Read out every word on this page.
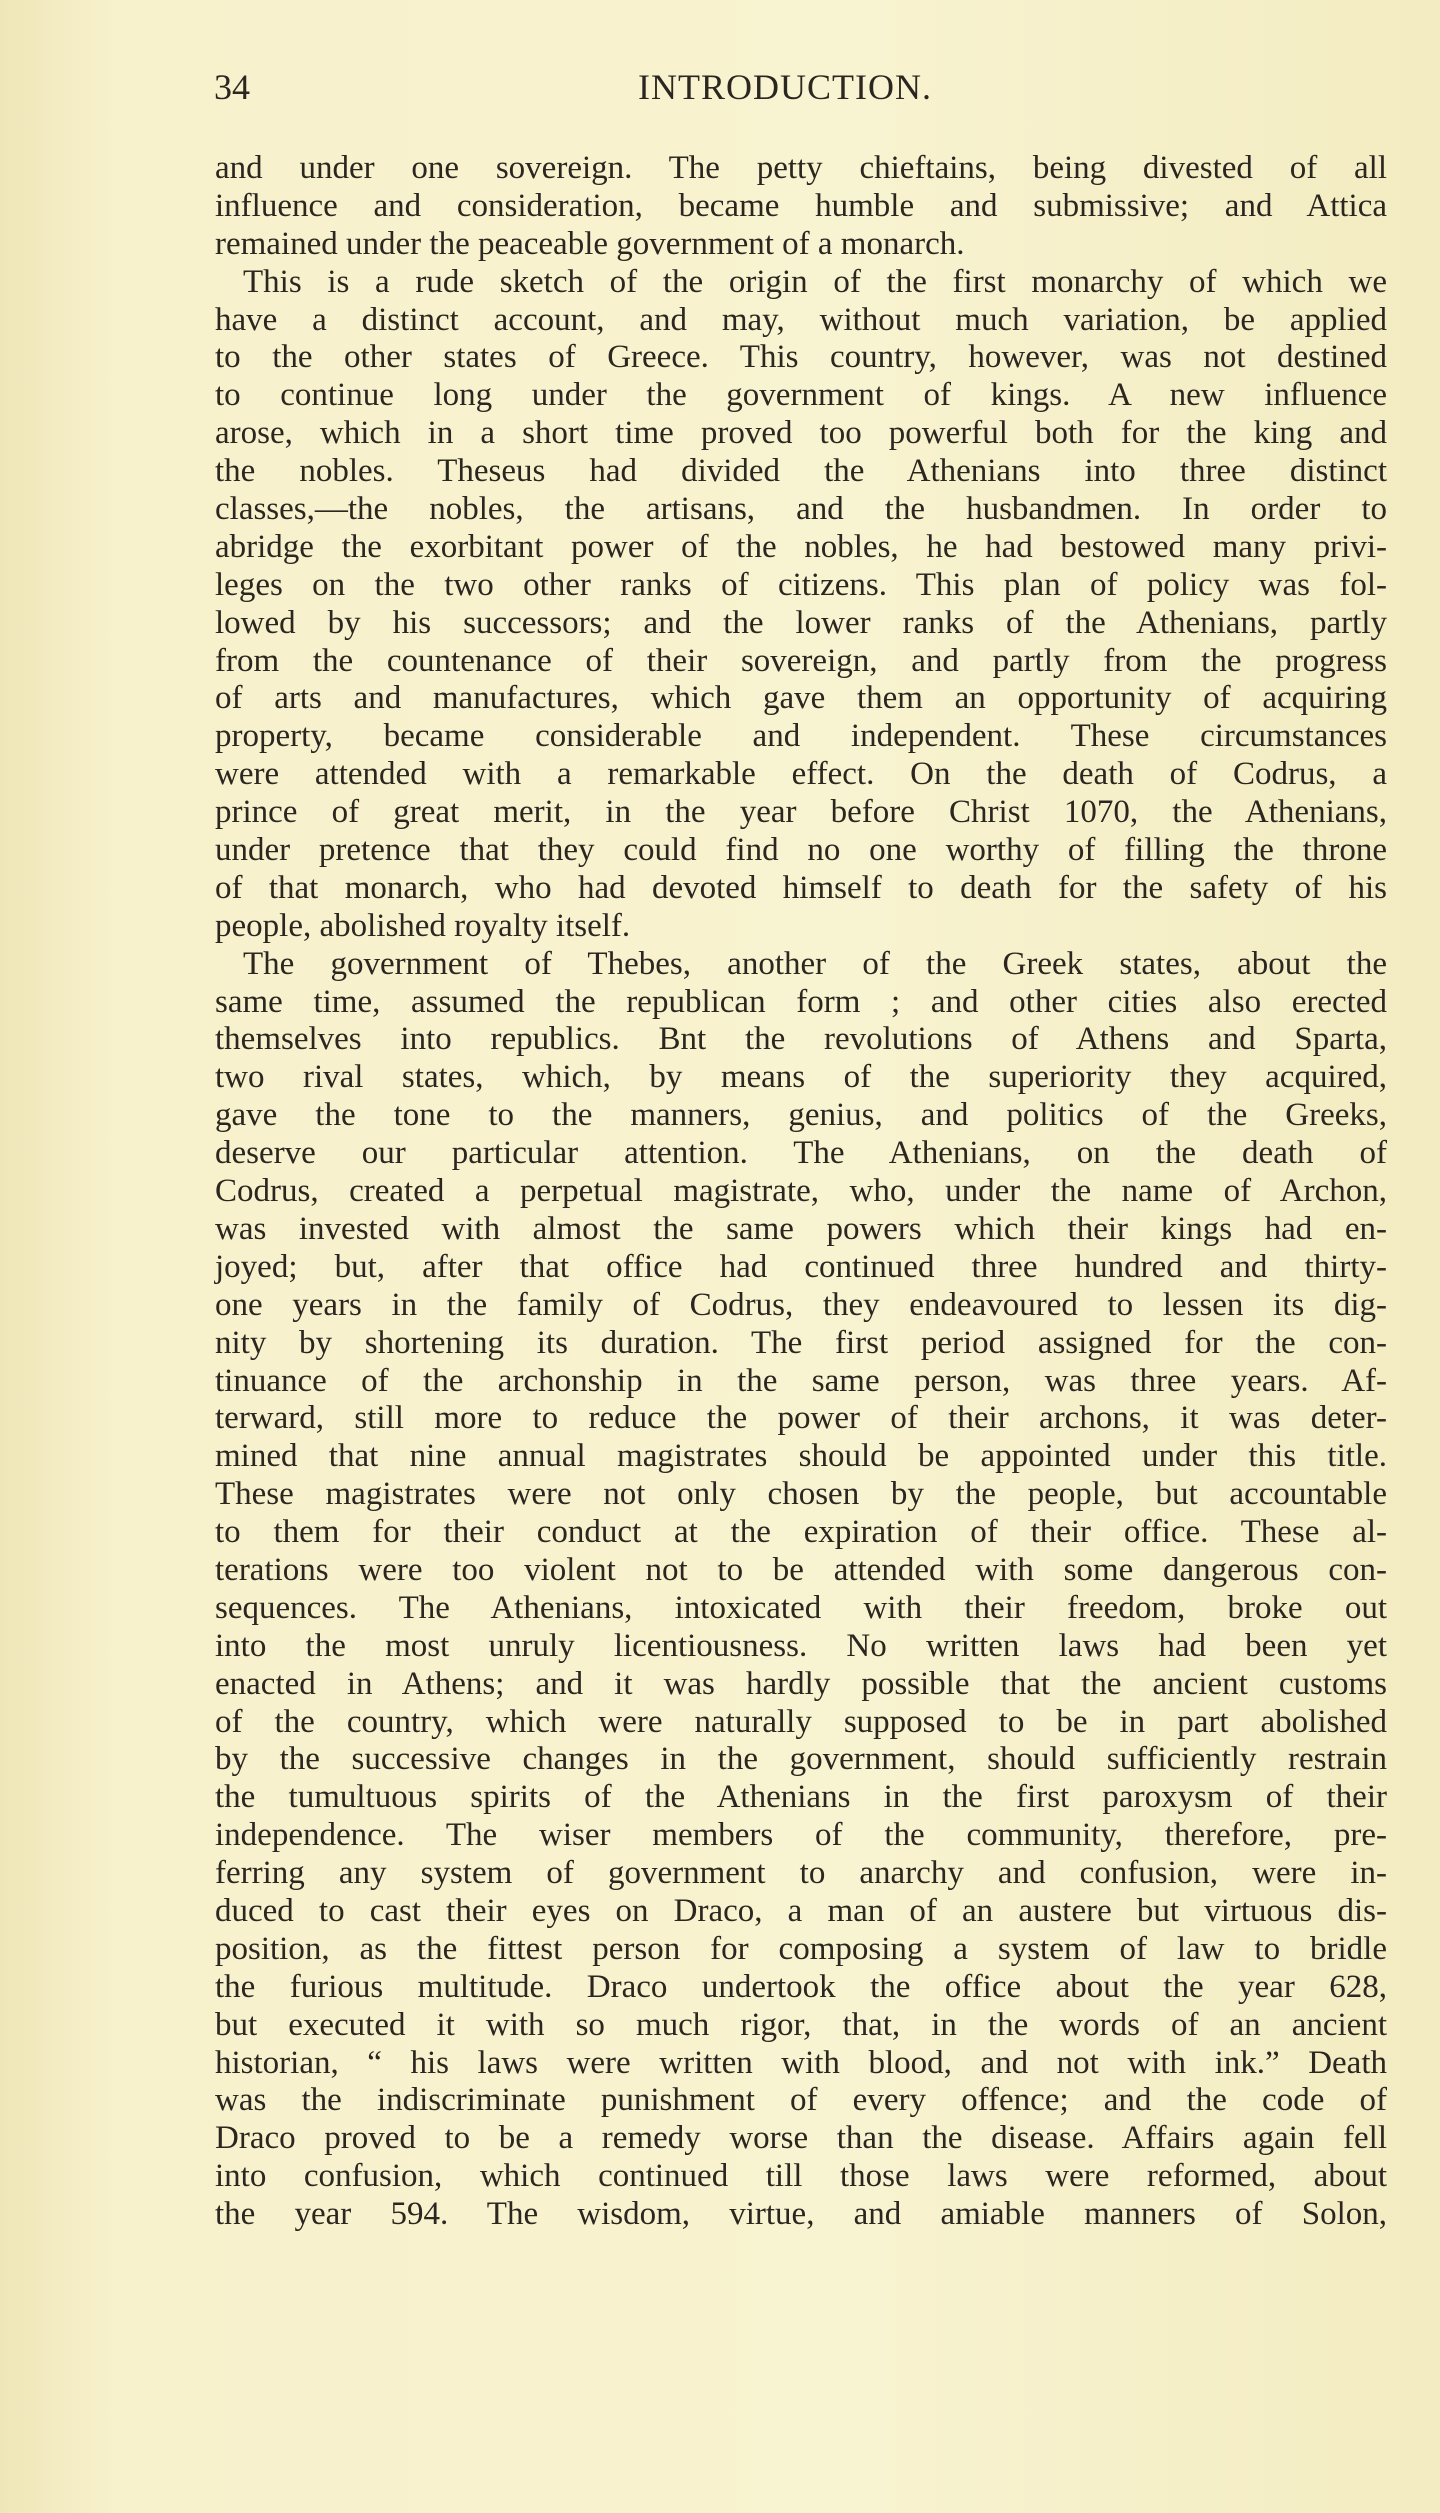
34	INTRODUCTION.
and under one sovereign. The petty chieftains, being divested of all
influence and consideration, became humble and submissive; and Attica
remained under the peaceable government of a monarch.
This is a rude sketch of the origin of the first monarchy of which we
have a distinct account, and may, without much variation, be applied
to the other states of Greece. This country, however, was not destined
to continue long under the government of kings. A new influence
arose, which in a short time proved too powerful both for the king and
the nobles. Theseus had divided the Athenians into three distinct
classes,—the nobles, the artisans, and the husbandmen. In order to
abridge the exorbitant power of the nobles, he had bestowed many privi-
leges on the two other ranks of citizens. This plan of policy was fol-
lowed by his successors; and the lower ranks of the Athenians, partly
from the countenance of their sovereign, and partly from the progress
of arts and manufactures, which gave them an opportunity of acquiring
property, became considerable and independent. These circumstances
were attended with a remarkable effect. On the death of Codrus, a
prince of great merit, in the year before Christ 1070, the Athenians,
under pretence that they could find no one worthy of filling the throne
of that monarch, who had devoted himself to death for the safety of his
people, abolished royalty itself.
The government of Thebes, another of the Greek states, about the
same time, assumed the republican form ; and other cities also erected
themselves into republics. Bnt the revolutions of Athens and Sparta,
two rival states, which, by means of the superiority they acquired,
gave the tone to the manners, genius, and politics of the Greeks,
deserve our particular attention. The Athenians, on the death of
Codrus, created a perpetual magistrate, who, under the name of Archon,
was invested with almost the same powers which their kings had en-
joyed; but, after that office had continued three hundred and thirty-
one years in the family of Codrus, they endeavoured to lessen its dig-
nity by shortening its duration. The first period assigned for the con-
tinuance of the archonship in the same person, was three years. Af-
terward, still more to reduce the power of their archons, it was deter-
mined that nine annual magistrates should be appointed under this title.
These magistrates were not only chosen by the people, but accountable
to them for their conduct at the expiration of their office. These al-
terations were too violent not to be attended with some dangerous con-
sequences. The Athenians, intoxicated with their freedom, broke out
into the most unruly licentiousness. No written laws had been yet
enacted in Athens; and it was hardly possible that the ancient customs
of the country, which were naturally supposed to be in part abolished
by the successive changes in the government, should sufficiently restrain
the tumultuous spirits of the Athenians in the first paroxysm of their
independence. The wiser members of the community, therefore, pre-
ferring any system of government to anarchy and confusion, were in-
duced to cast their eyes on Draco, a man of an austere but virtuous dis-
position, as the fittest person for composing a system of law to bridle
the furious multitude. Draco undertook the office about the year 628,
but executed it with so much rigor, that, in the words of an ancient
historian, “ his laws were written with blood, and not with ink.” Death
was the indiscriminate punishment of every offence; and the code of
Draco proved to be a remedy worse than the disease. Affairs again fell
into confusion, which continued till those laws were reformed, about
the year 594. The wisdom, virtue, and amiable manners of Solon,
